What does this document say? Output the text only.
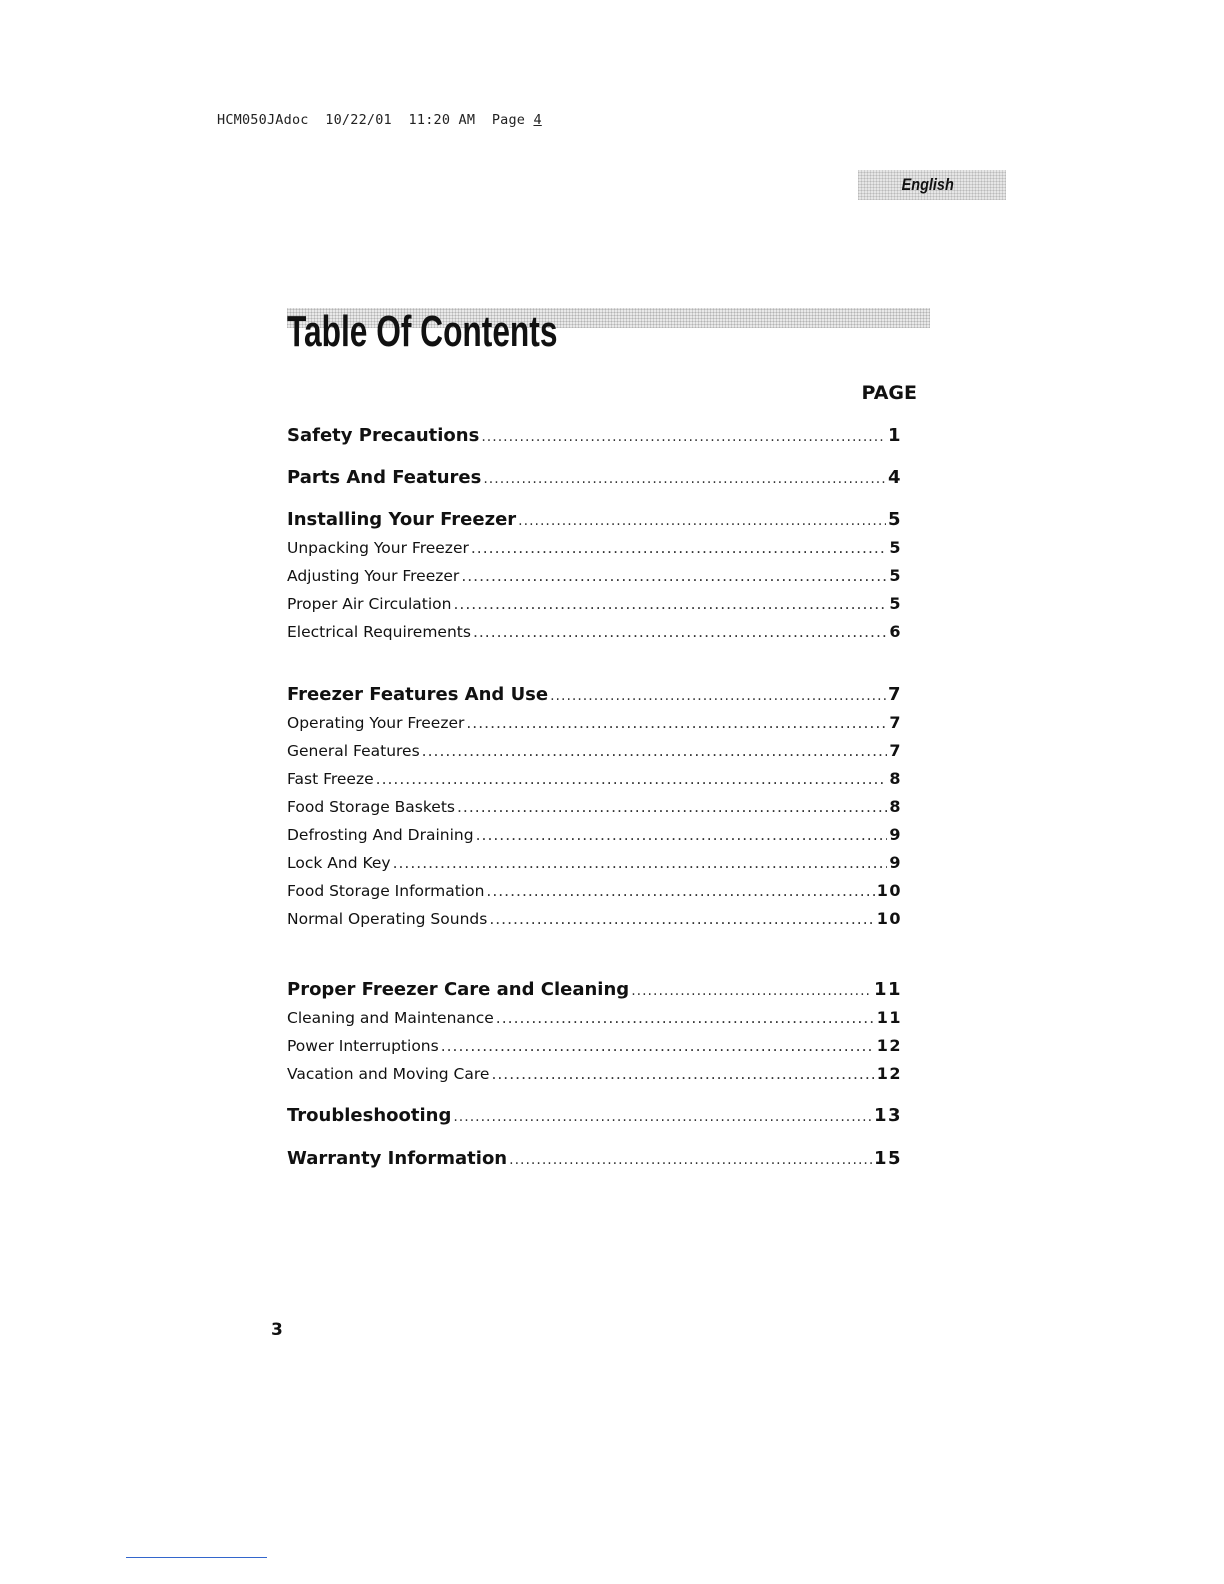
HCM050JAdoc  10/22/01  11:20 AM  Page 4
English
Table Of Contents
PAGE
Safety Precautions .....	1
Parts And Features .....	4
Installing Your Freezer .....	5
Unpacking Your Freezer .....	5
Adjusting Your Freezer .....	5
Proper Air Circulation .....	5
Electrical Requirements .....	6
Freezer Features And Use .....	7
Operating Your Freezer .....	7
General Features .....	7
Fast Freeze .....	8
Food Storage Baskets .....	8
Defrosting And Draining .....	9
Lock And Key .....	9
Food Storage Information .....	10
Normal Operating Sounds .....	10
Proper Freezer Care and Cleaning .....	11
Cleaning and Maintenance .....	11
Power Interruptions .....	12
Vacation and Moving Care .....	12
Troubleshooting .....	13
Warranty Information .....	15
3
